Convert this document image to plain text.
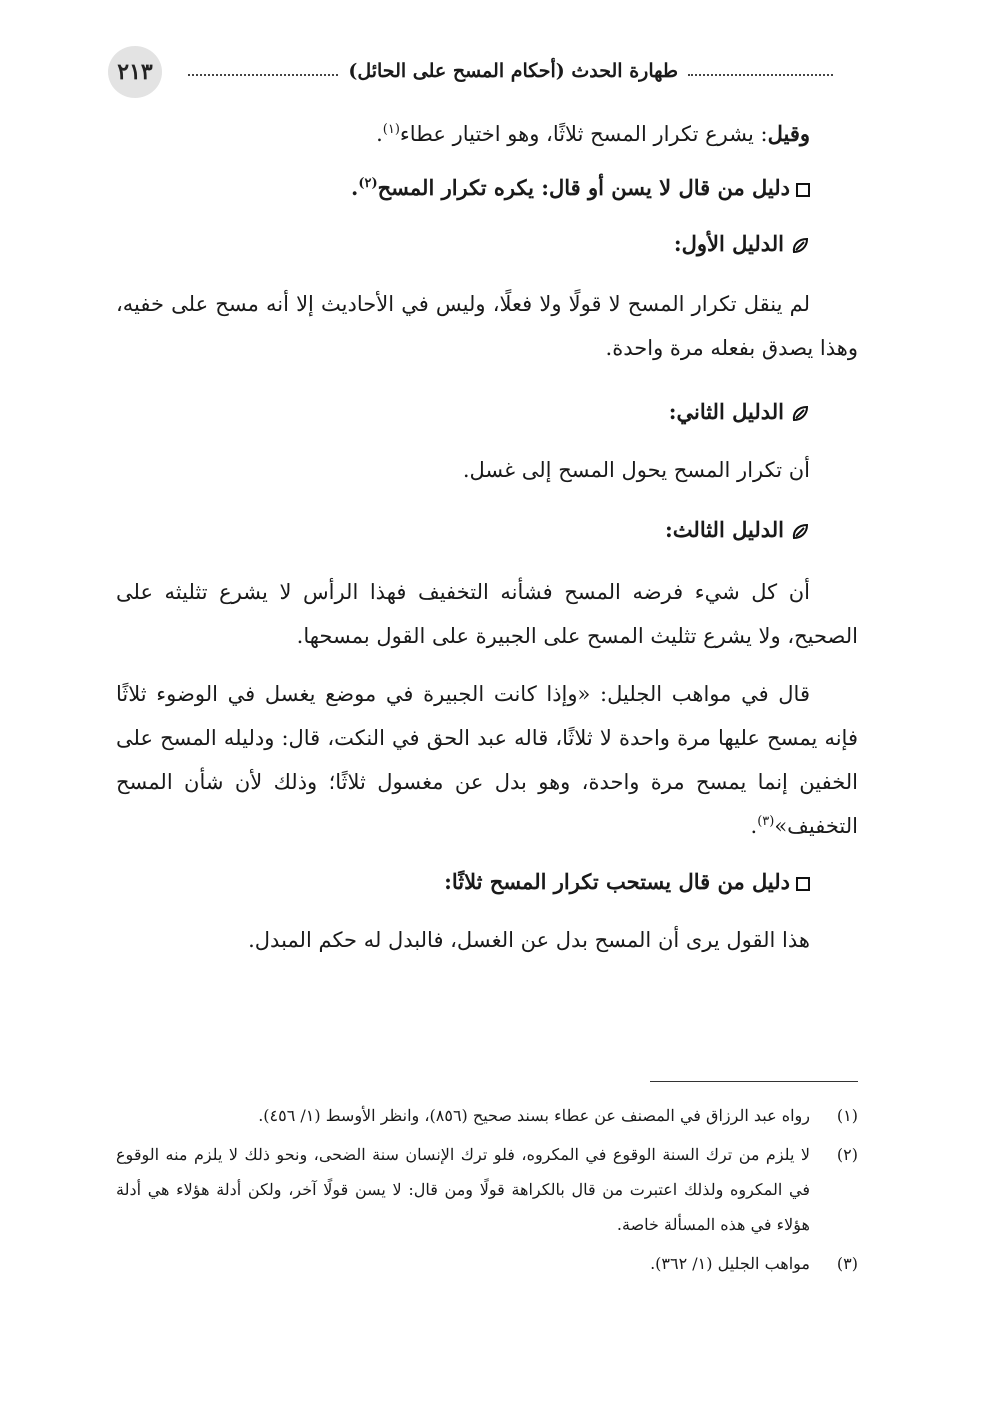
٢١٣	طهارة الحدث (أحكام المسح على الحائل)

وقيل: يشرع تكرار المسح ثلاثًا، وهو اختيار عطاء$^{(١)}$.

دليل من قال لا يسن أو قال: يكره تكرار المسح$^{(٢)}$.

الدليل الأول:

لم ينقل تكرار المسح لا قولًا ولا فعلًا، وليس في الأحاديث إلا أنه مسح على خفيه، وهذا يصدق بفعله مرة واحدة.

الدليل الثاني:

أن تكرار المسح يحول المسح إلى غسل.

الدليل الثالث:

أن كل شيء فرضه المسح فشأنه التخفيف فهذا الرأس لا يشرع تثليثه على الصحيح، ولا يشرع تثليث المسح على الجبيرة على القول بمسحها.

قال في مواهب الجليل: «وإذا كانت الجبيرة في موضع يغسل في الوضوء ثلاثًا فإنه يمسح عليها مرة واحدة لا ثلاثًا، قاله عبد الحق في النكت، قال: ودليله المسح على الخفين إنما يمسح مرة واحدة، وهو بدل عن مغسول ثلاثًا؛ وذلك لأن شأن المسح التخفيف»$^{(٣)}$.

دليل من قال يستحب تكرار المسح ثلاثًا:

هذا القول يرى أن المسح بدل عن الغسل، فالبدل له حكم المبدل.

(١)
رواه عبد الرزاق في المصنف عن عطاء بسند صحيح (٨٥٦)، وانظر الأوسط (١/ ٤٥٦).
(٢)
لا يلزم من ترك السنة الوقوع في المكروه، فلو ترك الإنسان سنة الضحى، ونحو ذلك لا يلزم منه الوقوع في المكروه ولذلك اعتبرت من قال بالكراهة قولًا ومن قال: لا يسن قولًا آخر، ولكن أدلة هؤلاء هي أدلة هؤلاء في هذه المسألة خاصة.
(٣)
مواهب الجليل (١/ ٣٦٢).
